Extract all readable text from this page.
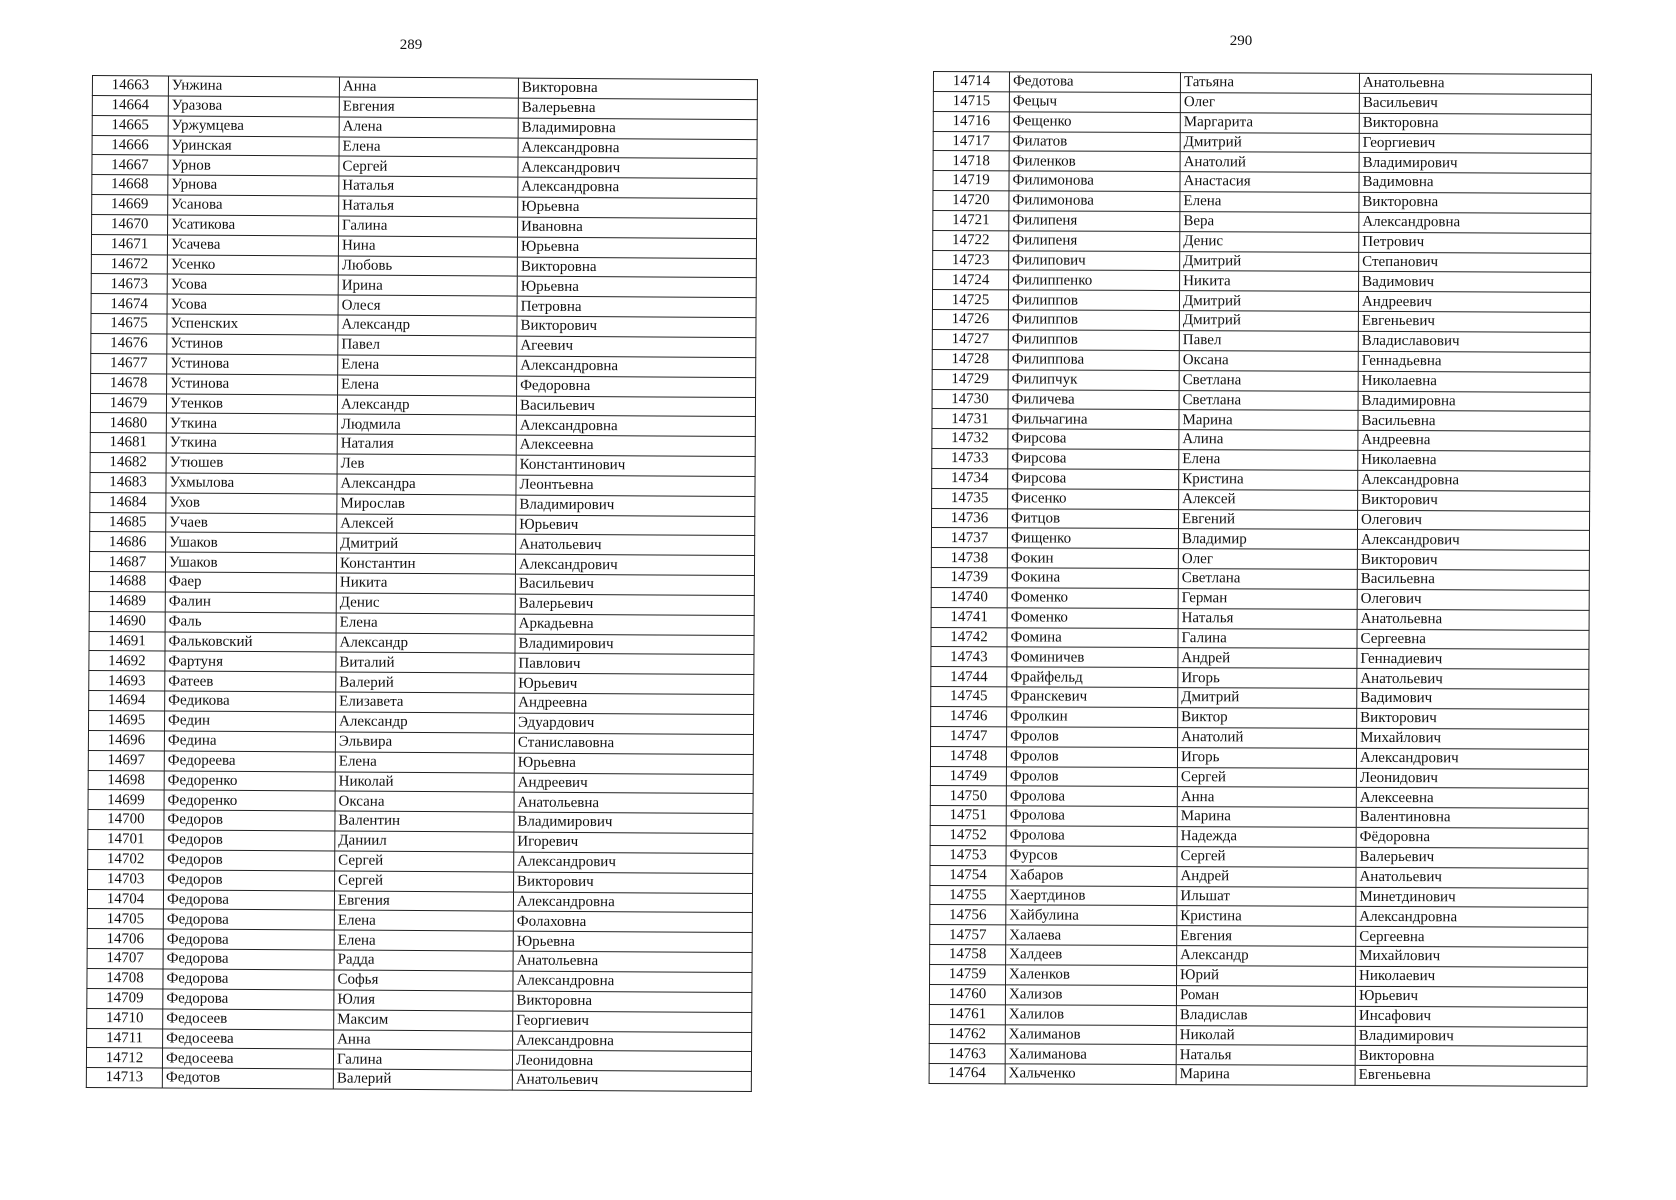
289	290
14663	Унжина	Анна	Викторовна
14664	Уразова	Евгения	Валерьевна
14665	Уржумцева	Алена	Владимировна
14666	Уринская	Елена	Александровна
14667	Урнов	Сергей	Александрович
14668	Урнова	Наталья	Александровна
14669	Усанова	Наталья	Юрьевна
14670	Усатикова	Галина	Ивановна
14671	Усачева	Нина	Юрьевна
14672	Усенко	Любовь	Викторовна
14673	Усова	Ирина	Юрьевна
14674	Усова	Олеся	Петровна
14675	Успенских	Александр	Викторович
14676	Устинов	Павел	Агеевич
14677	Устинова	Елена	Александровна
14678	Устинова	Елена	Федоровна
14679	Утенков	Александр	Васильевич
14680	Уткина	Людмила	Александровна
14681	Уткина	Наталия	Алексеевна
14682	Утюшев	Лев	Константинович
14683	Ухмылова	Александра	Леонтьевна
14684	Ухов	Мирослав	Владимирович
14685	Учаев	Алексей	Юрьевич
14686	Ушаков	Дмитрий	Анатольевич
14687	Ушаков	Константин	Александрович
14688	Фаер	Никита	Васильевич
14689	Фалин	Денис	Валерьевич
14690	Фаль	Елена	Аркадьевна
14691	Фальковский	Александр	Владимирович
14692	Фартуня	Виталий	Павлович
14693	Фатеев	Валерий	Юрьевич
14694	Федикова	Елизавета	Андреевна
14695	Федин	Александр	Эдуардович
14696	Федина	Эльвира	Станиславовна
14697	Федореева	Елена	Юрьевна
14698	Федоренко	Николай	Андреевич
14699	Федоренко	Оксана	Анатольевна
14700	Федоров	Валентин	Владимирович
14701	Федоров	Даниил	Игоревич
14702	Федоров	Сергей	Александрович
14703	Федоров	Сергей	Викторович
14704	Федорова	Евгения	Александровна
14705	Федорова	Елена	Фолаховна
14706	Федорова	Елена	Юрьевна
14707	Федорова	Радда	Анатольевна
14708	Федорова	Софья	Александровна
14709	Федорова	Юлия	Викторовна
14710	Федосеев	Максим	Георгиевич
14711	Федосеева	Анна	Александровна
14712	Федосеева	Галина	Леонидовна
14713	Федотов	Валерий	Анатольевич
14714	Федотова	Татьяна	Анатольевна
14715	Фецыч	Олег	Васильевич
14716	Фещенко	Маргарита	Викторовна
14717	Филатов	Дмитрий	Георгиевич
14718	Филенков	Анатолий	Владимирович
14719	Филимонова	Анастасия	Вадимовна
14720	Филимонова	Елена	Викторовна
14721	Филипеня	Вера	Александровна
14722	Филипеня	Денис	Петрович
14723	Филипович	Дмитрий	Степанович
14724	Филиппенко	Никита	Вадимович
14725	Филиппов	Дмитрий	Андреевич
14726	Филиппов	Дмитрий	Евгеньевич
14727	Филиппов	Павел	Владиславович
14728	Филиппова	Оксана	Геннадьевна
14729	Филипчук	Светлана	Николаевна
14730	Филичева	Светлана	Владимировна
14731	Фильчагина	Марина	Васильевна
14732	Фирсова	Алина	Андреевна
14733	Фирсова	Елена	Николаевна
14734	Фирсова	Кристина	Александровна
14735	Фисенко	Алексей	Викторович
14736	Фитцов	Евгений	Олегович
14737	Фищенко	Владимир	Александрович
14738	Фокин	Олег	Викторович
14739	Фокина	Светлана	Васильевна
14740	Фоменко	Герман	Олегович
14741	Фоменко	Наталья	Анатольевна
14742	Фомина	Галина	Сергеевна
14743	Фоминичев	Андрей	Геннадиевич
14744	Фрайфельд	Игорь	Анатольевич
14745	Франскевич	Дмитрий	Вадимович
14746	Фролкин	Виктор	Викторович
14747	Фролов	Анатолий	Михайлович
14748	Фролов	Игорь	Александрович
14749	Фролов	Сергей	Леонидович
14750	Фролова	Анна	Алексеевна
14751	Фролова	Марина	Валентиновна
14752	Фролова	Надежда	Фёдоровна
14753	Фурсов	Сергей	Валерьевич
14754	Хабаров	Андрей	Анатольевич
14755	Хаертдинов	Ильшат	Минетдинович
14756	Хайбулина	Кристина	Александровна
14757	Халаева	Евгения	Сергеевна
14758	Халдеев	Александр	Михайлович
14759	Халенков	Юрий	Николаевич
14760	Хализов	Роман	Юрьевич
14761	Халилов	Владислав	Инсафович
14762	Халиманов	Николай	Владимирович
14763	Халиманова	Наталья	Викторовна
14764	Хальченко	Марина	Евгеньевна
